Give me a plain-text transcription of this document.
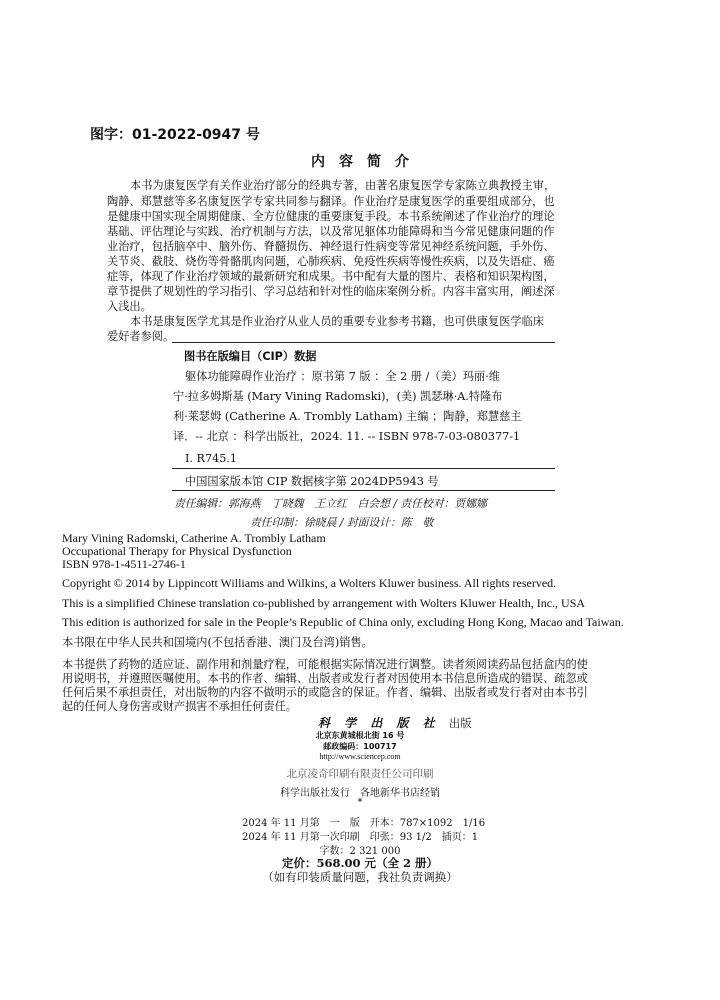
图字：01-2022-0947 号
内　容　简　介
本书为康复医学有关作业治疗部分的经典专著，由著名康复医学专家陈立典教授主审，
陶静、郑慧慈等多名康复医学专家共同参与翻译。作业治疗是康复医学的重要组成部分，也
是健康中国实现全周期健康、全方位健康的重要康复手段。本书系统阐述了作业治疗的理论
基础、评估理论与实践、治疗机制与方法，以及常见躯体功能障碍和当今常见健康问题的作
业治疗，包括脑卒中、脑外伤、脊髓损伤、神经退行性病变等常见神经系统问题，手外伤、
关节炎、截肢、烧伤等骨骼肌肉问题，心肺疾病、免疫性疾病等慢性疾病，以及失语症、癌
症等，体现了作业治疗领域的最新研究和成果。书中配有大量的图片、表格和知识架构图，
章节提供了规划性的学习指引、学习总结和针对性的临床案例分析。内容丰富实用，阐述深
入浅出。
本书是康复医学尤其是作业治疗从业人员的重要专业参考书籍，也可供康复医学临床
爱好者参阅。
图书在版编目（CIP）数据
躯体功能障碍作业治疗 ：原书第 7 版 ：全 2 册 /（美）玛丽·维
宁·拉多姆斯基 (Mary Vining Radomski)，(美) 凯瑟琳·A.特隆布
利·莱瑟姆 (Catherine A. Trombly Latham) 主编 ；陶静，郑慧慈主
译．-- 北京 ：科学出版社，2024. 11. -- ISBN 978-7-03-080377-1
Ⅰ. R745.1
中国国家版本馆 CIP 数据核字第 2024DP5943 号
责任编辑：郭海燕　丁晓魏　王立红　白会想 / 责任校对：贾娜娜
责任印制：徐晓晨 / 封面设计：陈　敬
Mary Vining Radomski, Catherine A. Trombly Latham
Occupational Therapy for Physical Dysfunction
ISBN 978-1-4511-2746-1
Copyright © 2014 by Lippincott Williams and Wilkins, a Wolters Kluwer business. All rights reserved.
This is a simplified Chinese translation co-published by arrangement with Wolters Kluwer Health, Inc., USA
This edition is authorized for sale in the People’s Republic of China only, excluding Hong Kong, Macao and Taiwan.
本书限在中华人民共和国境内(不包括香港、澳门及台湾)销售。
本书提供了药物的适应证、副作用和剂量疗程，可能根据实际情况进行调整。读者须阅读药品包括盒内的使
用说明书，并遵照医嘱使用。本书的作者、编辑、出版者或发行者对因使用本书信息所造成的错误、疏忽或
任何后果不承担责任，对出版物的内容不做明示的或隐含的保证。作者、编辑、出版者或发行者对由本书引
起的任何人身伤害或财产损害不承担任何责任。
科 学 出 版 社 出版
北京东黄城根北街 16 号
邮政编码：100717
http://www.sciencep.com
北京凌奇印刷有限责任公司印刷
科学出版社发行　各地新华书店经销
*
2024 年 11 月第　一　版　开本：787×1092　1/16
2024 年 11 月第一次印刷　印张：93 1/2　插页：1
字数：2 321 000
定价：568.00 元（全 2 册）
（如有印装质量问题，我社负责调换）
